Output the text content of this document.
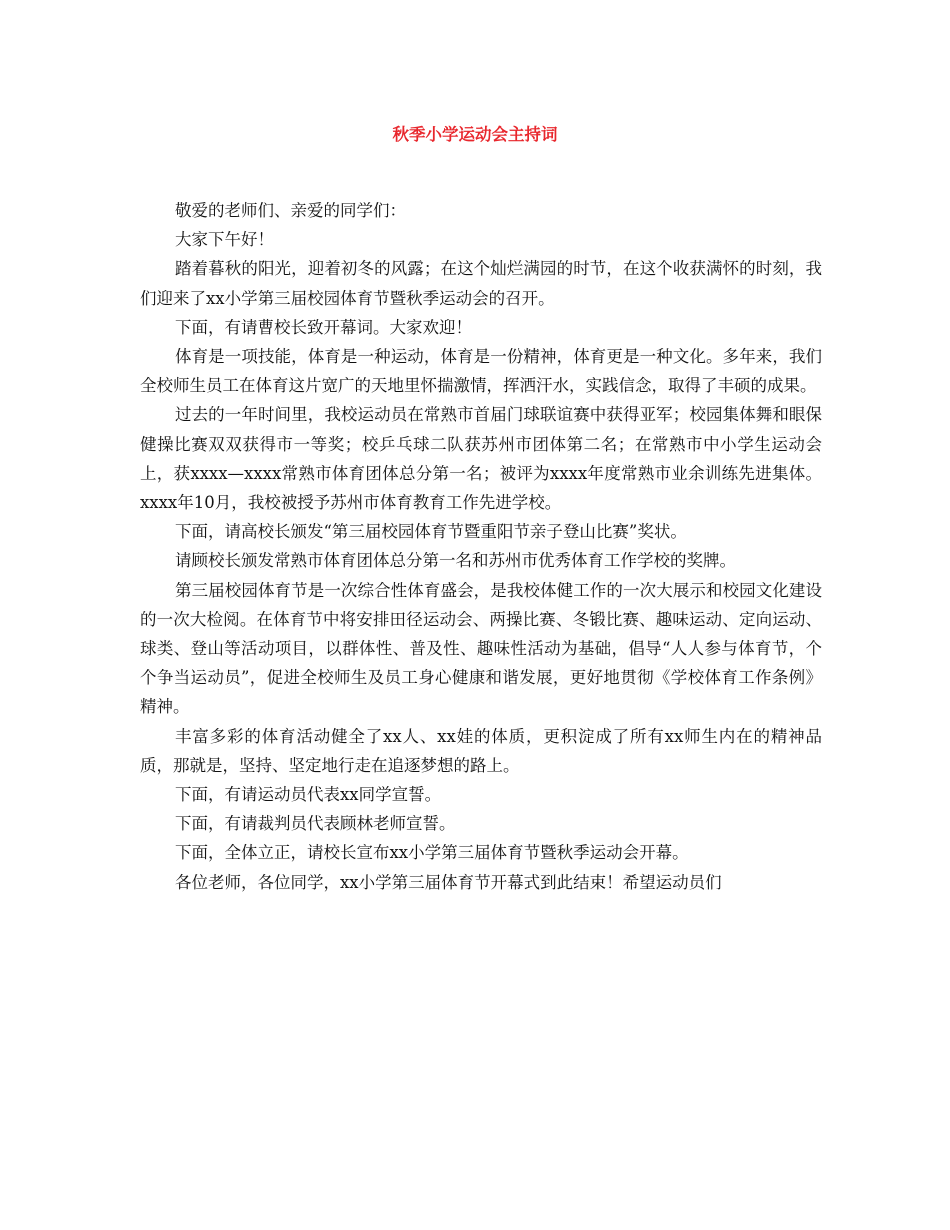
秋季小学运动会主持词

敬爱的老师们、亲爱的同学们：

大家下午好！

踏着暮秋的阳光，迎着初冬的风露；在这个灿烂满园的时节，在这个收获满怀的时刻，我们迎来了xx小学第三届校园体育节暨秋季运动会的召开。

下面，有请曹校长致开幕词。大家欢迎！

体育是一项技能，体育是一种运动，体育是一份精神，体育更是一种文化。多年来，我们全校师生员工在体育这片宽广的天地里怀揣激情，挥洒汗水，实践信念，取得了丰硕的成果。

过去的一年时间里，我校运动员在常熟市首届门球联谊赛中获得亚军；校园集体舞和眼保健操比赛双双获得市一等奖；校乒乓球二队获苏州市团体第二名；在常熟市中小学生运动会上，获xxxx—xxxx常熟市体育团体总分第一名；被评为xxxx年度常熟市业余训练先进集体。xxxx年10月，我校被授予苏州市体育教育工作先进学校。

下面，请高校长颁发“第三届校园体育节暨重阳节亲子登山比赛”奖状。

请顾校长颁发常熟市体育团体总分第一名和苏州市优秀体育工作学校的奖牌。

第三届校园体育节是一次综合性体育盛会，是我校体健工作的一次大展示和校园文化建设的一次大检阅。在体育节中将安排田径运动会、两操比赛、冬锻比赛、趣味运动、定向运动、球类、登山等活动项目，以群体性、普及性、趣味性活动为基础，倡导“人人参与体育节，个个争当运动员”，促进全校师生及员工身心健康和谐发展，更好地贯彻《学校体育工作条例》精神。

丰富多彩的体育活动健全了xx人、xx娃的体质，更积淀成了所有xx师生内在的精神品质，那就是，坚持、坚定地行走在追逐梦想的路上。

下面，有请运动员代表xx同学宣誓。

下面，有请裁判员代表顾林老师宣誓。

下面，全体立正，请校长宣布xx小学第三届体育节暨秋季运动会开幕。

各位老师，各位同学，xx小学第三届体育节开幕式到此结束！希望运动员们
